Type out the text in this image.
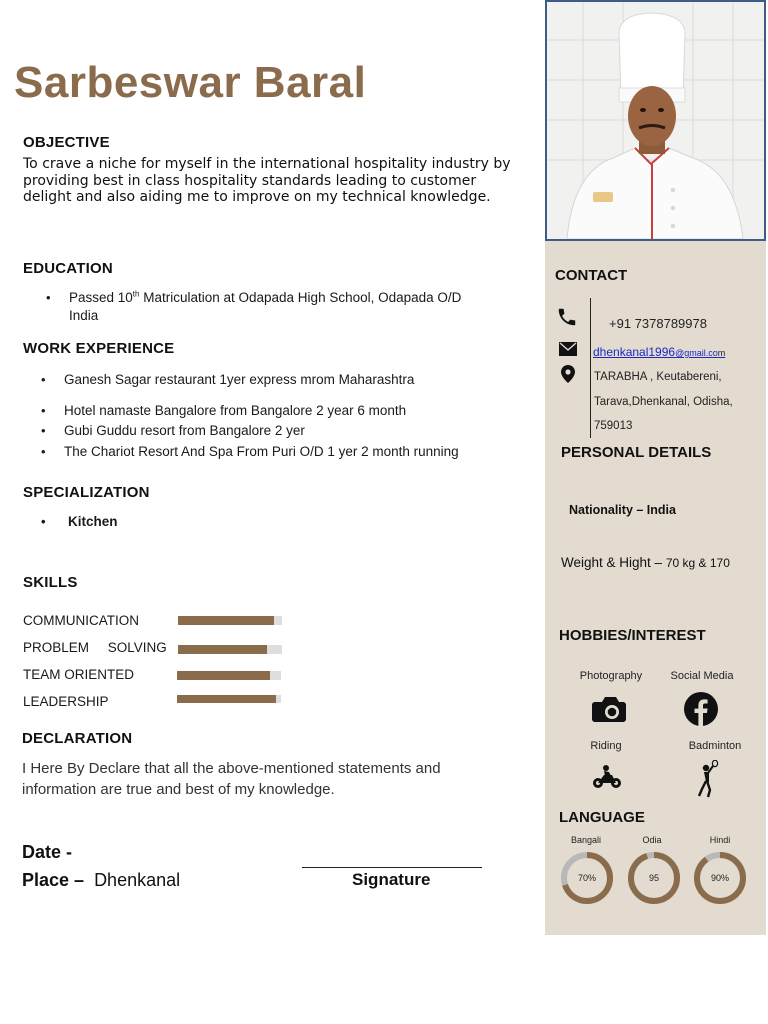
Sarbeswar Baral
OBJECTIVE
To crave a niche for myself in the international hospitality industry by providing best in class hospitality standards leading to customer delight and also aiding me to improve on my technical knowledge.
EDUCATION
• Passed 10th Matriculation at Odapada High School, Odapada O/D India
WORK EXPERIENCE
• Ganesh Sagar restaurant 1yer express mrom Maharashtra
• Hotel namaste Bangalore from Bangalore 2 year 6 month
• Gubi Guddu resort from Bangalore 2 yer
• The Chariot Resort And Spa From Puri O/D 1 yer 2 month running
SPECIALIZATION
• Kitchen
SKILLS
COMMUNICATION
PROBLEM     SOLVING
TEAM ORIENTED
LEADERSHIP
DECLARATION
I Here By Declare that all the above-mentioned statements and information are true and best of my knowledge.
Date -
Place – Dhenkanal	Signature
CONTACT
+91 7378789978
dhenkanal1996@gmail.com
TARABHA , Keutabereni,
Tarava,Dhenkanal, Odisha,
759013
PERSONAL DETAILS
Nationality – India
Weight & Hight – 70 kg & 170
HOBBIES/INTEREST
Photography	Social Media
Riding	Badminton
LANGUAGE
Bangali	Odia	Hindi
70%	95	90%
